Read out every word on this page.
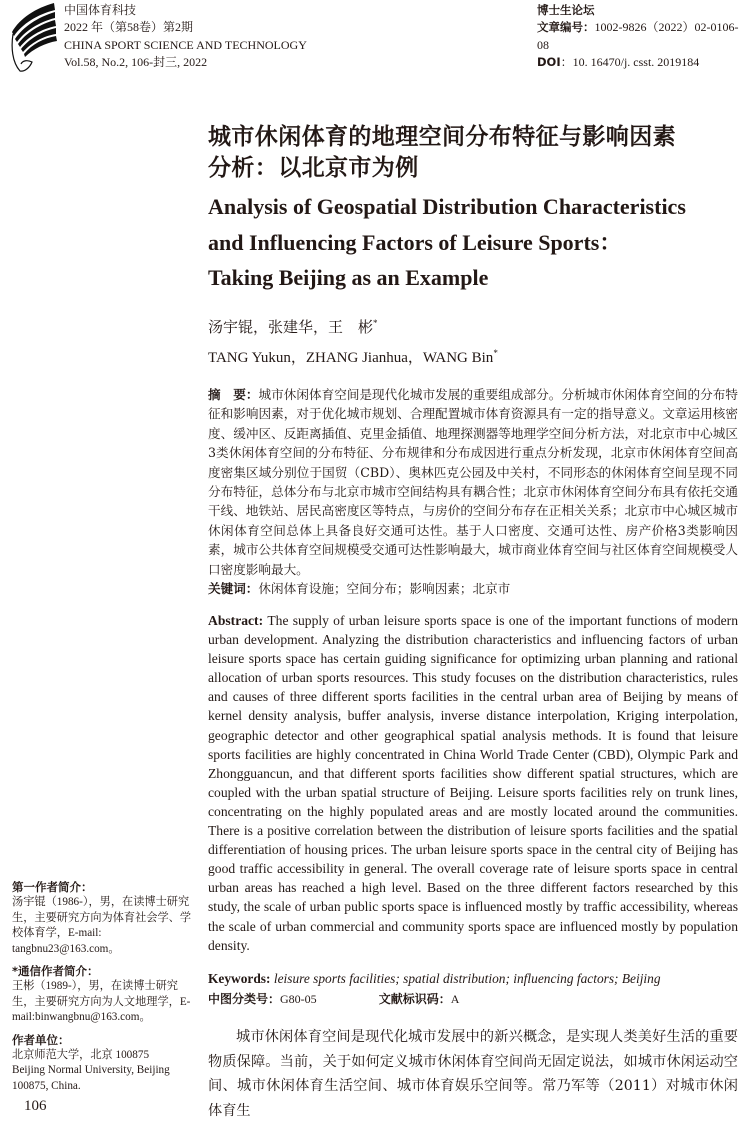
中国体育科技
2022 年（第58卷）第2期
CHINA SPORT SCIENCE AND TECHNOLOGY
Vol.58, No.2, 106-封三, 2022
博士生论坛
文章编号：1002-9826（2022）02-0106-08
DOI：10. 16470/j. csst. 2019184
城市休闲体育的地理空间分布特征与影响因素
分析：以北京市为例
Analysis of Geospatial Distribution Characteristics
and Influencing Factors of Leisure Sports：
Taking Beijing as an Example
汤宇锟，张建华，王　彬*
TANG Yukun，ZHANG Jianhua，WANG Bin*
摘　要：城市休闲体育空间是现代化城市发展的重要组成部分。分析城市休闲体育空间的分布特征和影响因素，对于优化城市规划、合理配置城市体育资源具有一定的指导意义。文章运用核密度、缓冲区、反距离插值、克里金插值、地理探测器等地理学空间分析方法，对北京市中心城区3类休闲体育空间的分布特征、分布规律和分布成因进行重点分析发现，北京市休闲体育空间高度密集区域分别位于国贸（CBD）、奥林匹克公园及中关村，不同形态的休闲体育空间呈现不同分布特征，总体分布与北京市城市空间结构具有耦合性；北京市休闲体育空间分布具有依托交通干线、地铁站、居民高密度区等特点，与房价的空间分布存在正相关关系；北京市中心城区城市休闲体育空间总体上具备良好交通可达性。基于人口密度、交通可达性、房产价格3类影响因素，城市公共体育空间规模受交通可达性影响最大，城市商业体育空间与社区体育空间规模受人口密度影响最大。
关键词：休闲体育设施；空间分布；影响因素；北京市
Abstract: The supply of urban leisure sports space is one of the important functions of modern urban development. Analyzing the distribution characteristics and influencing factors of urban leisure sports space has certain guiding significance for optimizing urban planning and rational allocation of urban sports resources. This study focuses on the distribution characteristics, rules and causes of three different sports facilities in the central urban area of Beijing by means of kernel density analysis, buffer analysis, inverse distance interpolation, Kriging interpolation, geographic detector and other geographical spatial analysis methods. It is found that leisure sports facilities are highly concentrated in China World Trade Center (CBD), Olympic Park and Zhongguancun, and that different sports facilities show different spatial structures, which are coupled with the urban spatial structure of Beijing. Leisure sports facilities rely on trunk lines, concentrating on the highly populated areas and are mostly located around the communities. There is a positive correlation between the distribution of leisure sports facilities and the spatial differentiation of housing prices. The urban leisure sports space in the central city of Beijing has good traffic accessibility in general. The overall coverage rate of leisure sports space in central urban areas has reached a high level. Based on the three different factors researched by this study, the scale of urban public sports space is influenced mostly by traffic accessibility, whereas the scale of urban commercial and community sports space are influenced mostly by population density.
Keywords: leisure sports facilities; spatial distribution; influencing factors; Beijing
中图分类号：G80-05	文献标识码：A
城市休闲体育空间是现代化城市发展中的新兴概念，是实现人类美好生活的重要物质保障。当前，关于如何定义城市休闲体育空间尚无固定说法，如城市休闲运动空间、城市休闲体育生活空间、城市体育娱乐空间等。常乃军等（2011）对城市休闲体育生
第一作者简介：
汤宇锟（1986-），男，在读博士研究生，主要研究方向为体育社会学、学校体育学，E-mail: tangbnu23@163.com。
*通信作者简介：
王彬（1989-），男，在读博士研究生，主要研究方向为人文地理学，E-mail:binwangbnu@163.com。
作者单位：
北京师范大学，北京 100875
Beijing Normal University, Beijing 100875, China.
106
